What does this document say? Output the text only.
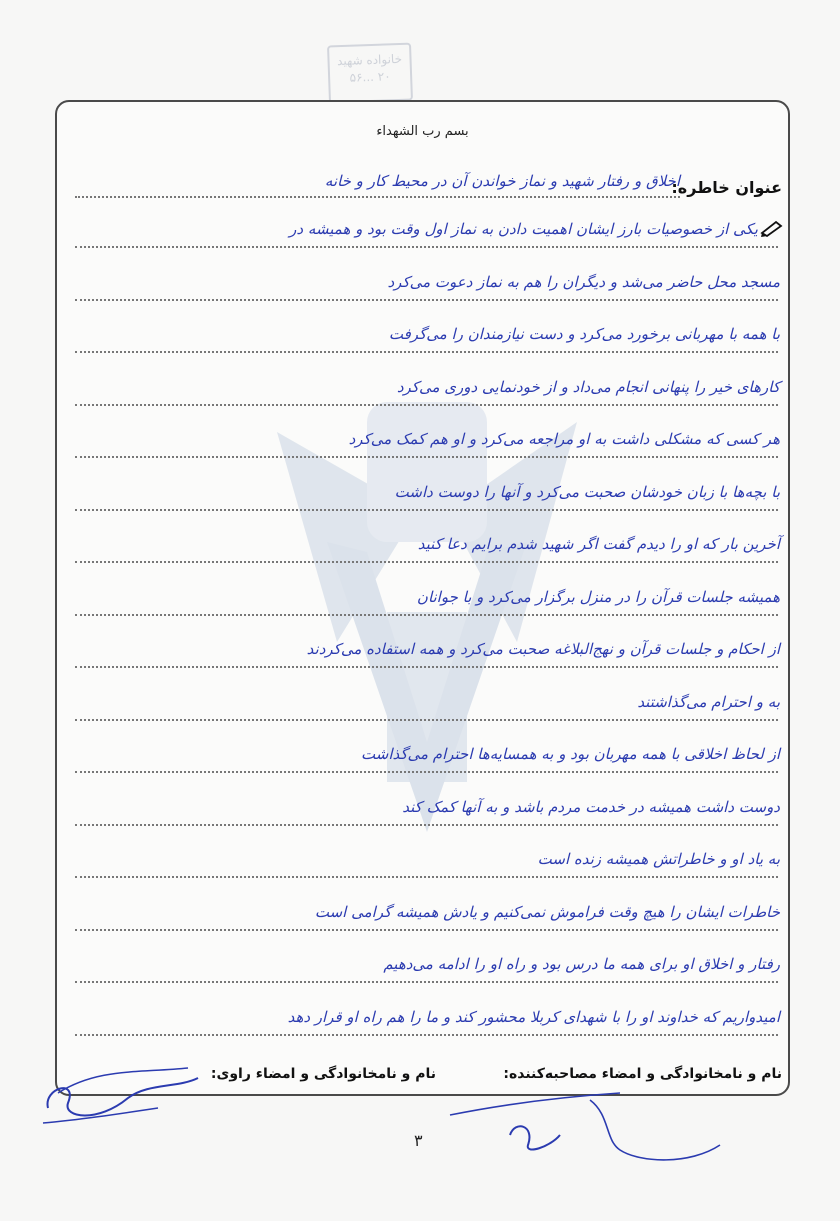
خانواده شهید
۲۰ ...۵۶
بسم رب الشهداء
عنوان خاطره:
اخلاق و رفتار شهید و نماز خواندن آن در محیط کار و خانه
یکی از خصوصیات بارز ایشان اهمیت دادن به نماز اول وقت بود و همیشه در
مسجد محل حاضر می‌شد و دیگران را هم به نماز دعوت می‌کرد
با همه با مهربانی برخورد می‌کرد و دست نیازمندان را می‌گرفت
کارهای خیر را پنهانی انجام می‌داد و از خودنمایی دوری می‌کرد
هر کسی که مشکلی داشت به او مراجعه می‌کرد و او هم کمک می‌کرد
با بچه‌ها با زبان خودشان صحبت می‌کرد و آنها را دوست داشت
آخرین بار که او را دیدم گفت اگر شهید شدم برایم دعا کنید
همیشه جلسات قرآن را در منزل برگزار می‌کرد و با جوانان
از احکام و جلسات قرآن و نهج‌البلاغه صحبت می‌کرد و همه استفاده می‌کردند
به و احترام می‌گذاشتند
از لحاظ اخلاقی با همه مهربان بود و به همسایه‌ها احترام می‌گذاشت
دوست داشت همیشه در خدمت مردم باشد و به آنها کمک کند
به یاد او و خاطراتش همیشه زنده است
خاطرات ایشان را هیچ وقت فراموش نمی‌کنیم و یادش همیشه گرامی است
رفتار و اخلاق او برای همه ما درس بود و راه او را ادامه می‌دهیم
امیدواریم که خداوند او را با شهدای کربلا محشور کند و ما را هم راه او قرار دهد
نام و نامخانوادگی و امضاء مصاحبه‌کننده:
نام و نامخانوادگی و امضاء راوی:
۳
